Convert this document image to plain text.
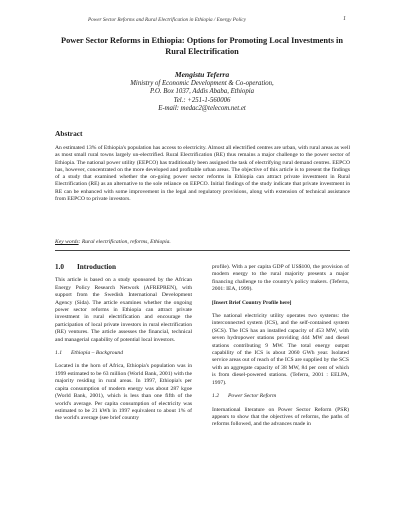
Power Sector Reforms and Rural Electrification in Ethiopia / Energy Policy	1
Power Sector Reforms in Ethiopia: Options for Promoting Local Investments in Rural Electrification
Mengistu Teferra
Ministry of Economic Development & Co-operation,
P.O. Box 1037, Addis Ababa, Ethiopia
Tel.: +251-1-560006
E-mail: medac2@telecom.net.et
Abstract
An estimated 13% of Ethiopia's population has access to electricity. Almost all electrified centres are urban, with rural areas as well as most small rural towns largely un-electrified. Rural Electrification (RE) thus remains a major challenge to the power sector of Ethiopia. The national power utility (EEPCO) has traditionally been assigned the task of electrifying rural demand centres. EEPCO has, however, concentrated on the more developed and profitable urban areas. The objective of this article is to present the findings of a study that examined whether the on-going power sector reforms in Ethiopia can attract private investment in Rural Electrification (RE) as an alternative to the sole reliance on EEPCO. Initial findings of the study indicate that private investment in RE can be enhanced with some improvement in the legal and regulatory provisions, along with extension of technical assistance from EEPCO to private investors.
Key words: Rural electrification, reforms, Ethiopia.
1.0	Introduction
This article is based on a study sponsored by the African Energy Policy Research Network (AFREPREN), with support from the Swedish International Development Agency (Sida). The article examines whether the ongoing power sector reforms in Ethiopia can attract private investment in rural electrification and encourage the participation of local private investors in rural electrification (RE) ventures. The article assesses the financial, technical and managerial capability of potential local investors.
1.1	Ethiopia – Background
Located in the horn of Africa, Ethiopia's population was in 1999 estimated to be 63 million (World Bank, 2001) with the majority residing in rural areas. In 1997, Ethiopia's per capita consumption of modern energy was about 287 kgoe (World Bank, 2001), which is less than one fifth of the world's average. Per capita consumption of electricity was estimated to be 21 kWh in 1997 equivalent to about 1% of the world's average (see brief country
profile). With a per capita GDP of US$100, the provision of modern energy to the rural majority presents a major financing challenge to the country's policy makers. (Teferra, 2001: IEA, 1999).
[Insert Brief Country Profile here]
The national electricity utility operates two systems: the interconnected system (ICS), and the self-contained system (SCS). The ICS has an installed capacity of 453 MW, with seven hydropower stations providing 444 MW and diesel stations contributing 9 MW. The total energy output capability of the ICS is about 2060 GWh year. Isolated service areas out of reach of the ICS are supplied by the SCS with an aggregate capacity of 38 MW, 84 per cent of which is from diesel-powered stations. (Teferra, 2001 : EELPA, 1997).
1.2	Power Sector Reform
International literature on Power Sector Reform (PSR) appears to show that the objectives of reforms, the paths of reforms followed, and the advances made in
